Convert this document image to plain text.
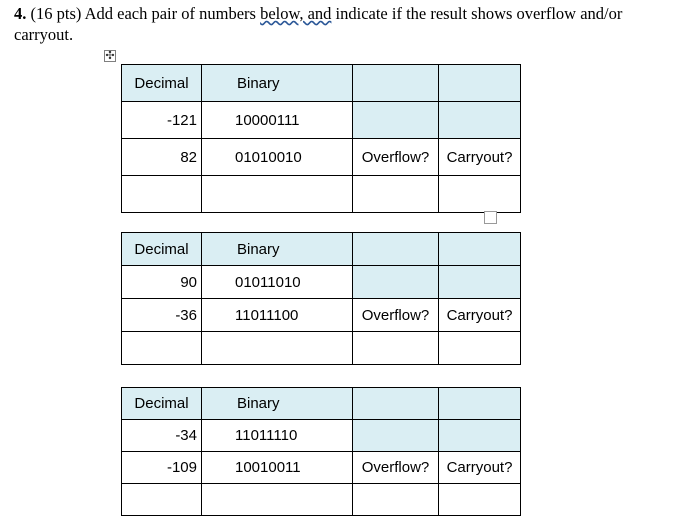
4. (16 pts) Add each pair of numbers below, and indicate if the result shows overflow and/or carryout.
✣
Decimal	Binary		
-121	10000111		
82	01010010	Overflow?	Carryout?

Decimal	Binary		
90	01011010		
-36	11011100	Overflow?	Carryout?

Decimal	Binary		
-34	11011110		
-109	10010011	Overflow?	Carryout?
